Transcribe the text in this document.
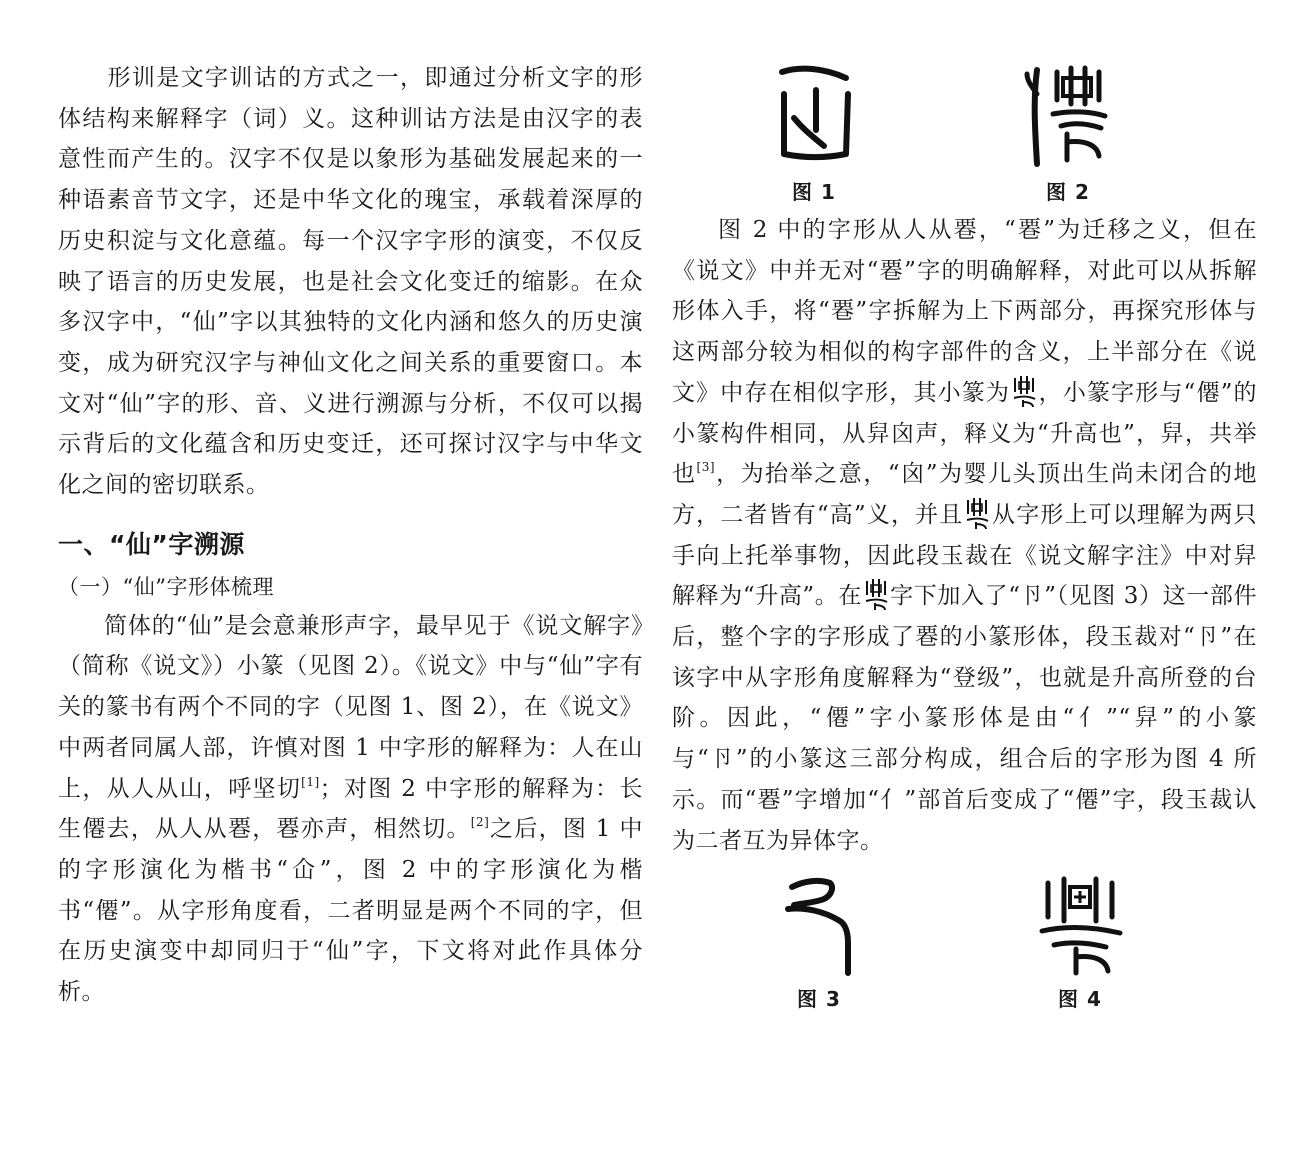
形训是文字训诂的方式之一，即通过分析文字的形体结构来解释字（词）义。这种训诂方法是由汉字的表意性而产生的。汉字不仅是以象形为基础发展起来的一种语素音节文字，还是中华文化的瑰宝，承载着深厚的历史积淀与文化意蕴。每一个汉字字形的演变，不仅反映了语言的历史发展，也是社会文化变迁的缩影。在众多汉字中，“仙”字以其独特的文化内涵和悠久的历史演变，成为研究汉字与神仙文化之间关系的重要窗口。本文对“仙”字的形、音、义进行溯源与分析，不仅可以揭示背后的文化蕴含和历史变迁，还可探讨汉字与中华文化之间的密切联系。

一、“仙”字溯源
（一）“仙”字形体梳理

简体的“仙”是会意兼形声字，最早见于《说文解字》（简称《说文》）小篆（见图 2）。《说文》中与“仙”字有关的篆书有两个不同的字（见图 1、图 2），在《说文》中两者同属人部，许慎对图 1 中字形的解释为：人在山上，从人从山，呼坚切[1]；对图 2 中字形的解释为：长生僊去，从人从䙴，䙴亦声，相然切。[2]之后，图 1 中的字形演化为楷书“仚”，图 2 中的字形演化为楷书“僊”。从字形角度看，二者明显是两个不同的字，但在历史演变中却同归于“仙”字，下文将对此作具体分析。

图 1	图 2

图 2 中的字形从人从䙴，“䙴”为迁移之义，但在《说文》中并无对“䙴”字的明确解释，对此可以从拆解形体入手，将“䙴”字拆解为上下两部分，再探究形体与这两部分较为相似的构字部件的含义，上半部分在《说文》中存在相似字形，其小篆为 ，小篆字形与“僊”的小篆构件相同，从舁囟声，释义为“升高也”，舁，共举也[3]，为抬举之意，“囟”为婴儿头顶出生尚未闭合的地方，二者皆有“高”义，并且 从字形上可以理解为两只手向上托举事物，因此段玉裁在《说文解字注》中对舁解释为“升高”。在 字下加入了“卪”（见图 3）这一部件后，整个字的字形成了䙴的小篆形体，段玉裁对“卪”在该字中从字形角度解释为“登级”，也就是升高所登的台阶。因此，“僊”字小篆形体是由“亻”“舁”的小篆与“卪”的小篆这三部分构成，组合后的字形为图 4 所示。而“䙴”字增加“亻”部首后变成了“僊”字，段玉裁认为二者互为异体字。

图 3	图 4
